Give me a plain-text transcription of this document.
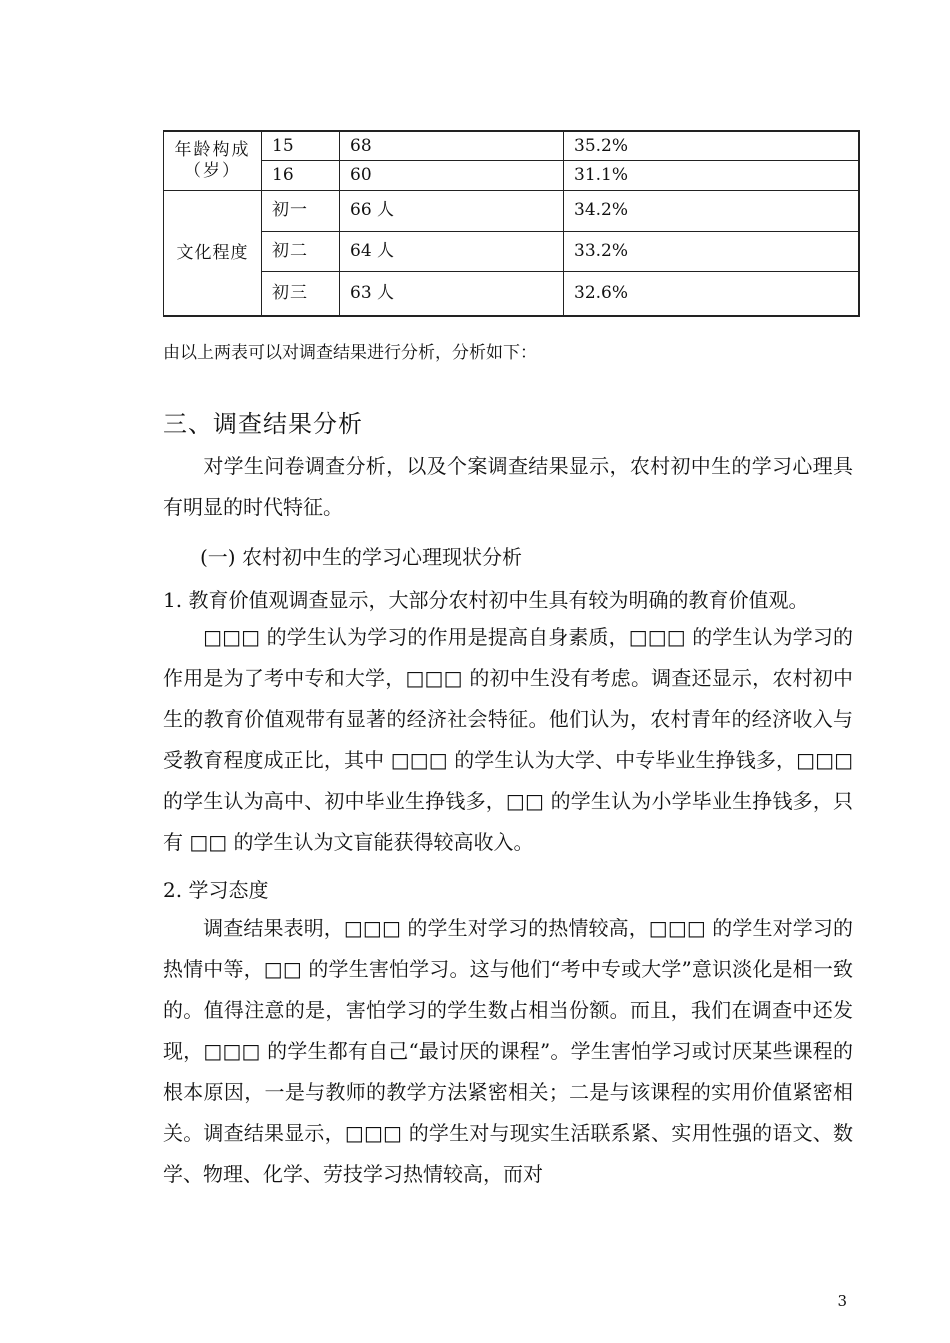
年龄构成
（岁）	15	68	35.2%
	16	60	31.1%
文化程度	初一	66 人	34.2%
	初二	64 人	33.2%
	初三	63 人	32.6%
由以上两表可以对调查结果进行分析，分析如下：
三、调查结果分析

对学生问卷调查分析，以及个案调查结果显示，农村初中生的学习心理具有明显的时代特征。

(一) 农村初中生的学习心理现状分析
1. 教育价值观调查显示，大部分农村初中生具有较为明确的教育价值观。

□□□ 的学生认为学习的作用是提高自身素质，□□□ 的学生认为学习的作用是为了考中专和大学，□□□ 的初中生没有考虑。调查还显示，农村初中生的教育价值观带有显著的经济社会特征。他们认为，农村青年的经济收入与受教育程度成正比，其中 □□□ 的学生认为大学、中专毕业生挣钱多，□□□ 的学生认为高中、初中毕业生挣钱多，□□ 的学生认为小学毕业生挣钱多，只有 □□ 的学生认为文盲能获得较高收入。

2. 学习态度

调查结果表明，□□□ 的学生对学习的热情较高，□□□ 的学生对学习的热情中等，□□ 的学生害怕学习。这与他们“考中专或大学”意识淡化是相一致的。值得注意的是，害怕学习的学生数占相当份额。而且，我们在调查中还发现，□□□ 的学生都有自己“最讨厌的课程”。学生害怕学习或讨厌某些课程的根本原因，一是与教师的教学方法紧密相关；二是与该课程的实用价值紧密相关。调查结果显示，□□□ 的学生对与现实生活联系紧、实用性强的语文、数学、物理、化学、劳技学习热情较高，而对

3
